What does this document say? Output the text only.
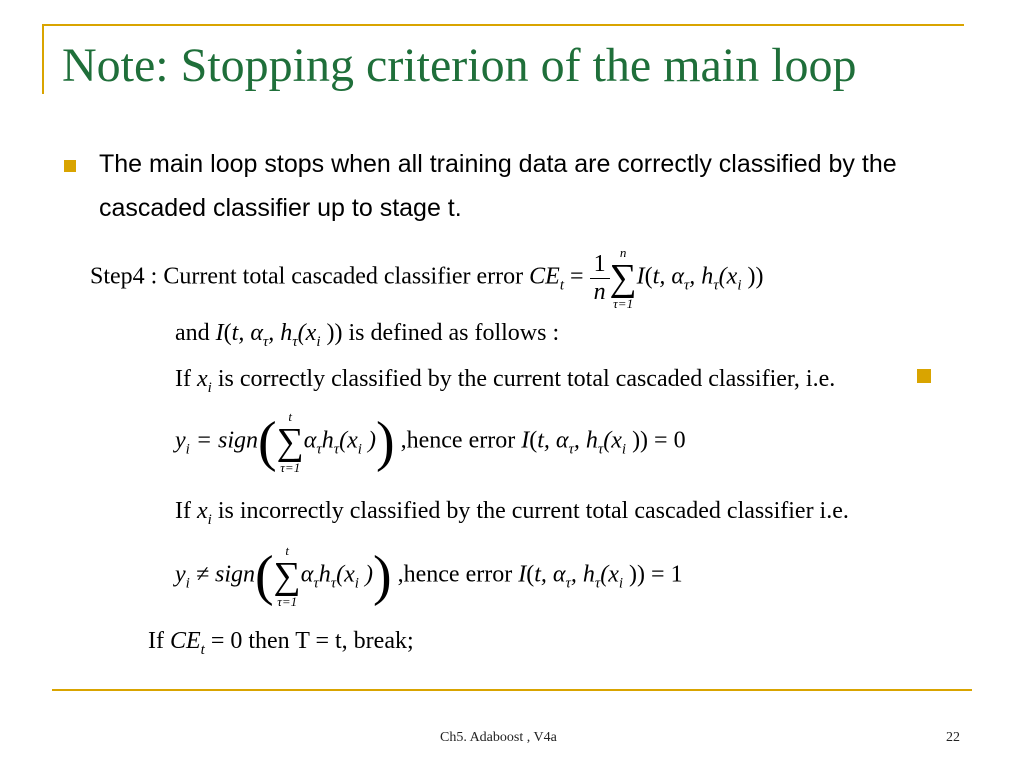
Note: Stopping criterion of the main loop
The main loop stops when all training data are correctly classified by the cascaded classifier up to stage t.
Step4 : Current total cascaded classifier error $CE_t = \frac{1}{n}$ n
∑
τ=1
I(t, $\alpha_\tau$, $h_\tau(x_i$ ))
and I(t, $\alpha_\tau$, $h_\tau(x_i$ )) is defined as follows :
If $x_i$ is correctly classified by the current total cascaded classifier, i.e.
$y_i$ = sign( t
∑
τ=1
$\alpha_\tau h_\tau(x_i$ )) ,hence error I(t, $\alpha_\tau$, $h_\tau(x_i$ )) = 0
If $x_i$ is incorrectly classified by the current total cascaded classifier i.e.
$y_i$ ≠ sign( t
∑
τ=1
$\alpha_\tau h_\tau(x_i$ )) ,hence error I(t, $\alpha_\tau$, $h_\tau(x_i$ )) = 1
If $CE_t = 0$ then T = t, break;
Ch5. Adaboost , V4a	22
